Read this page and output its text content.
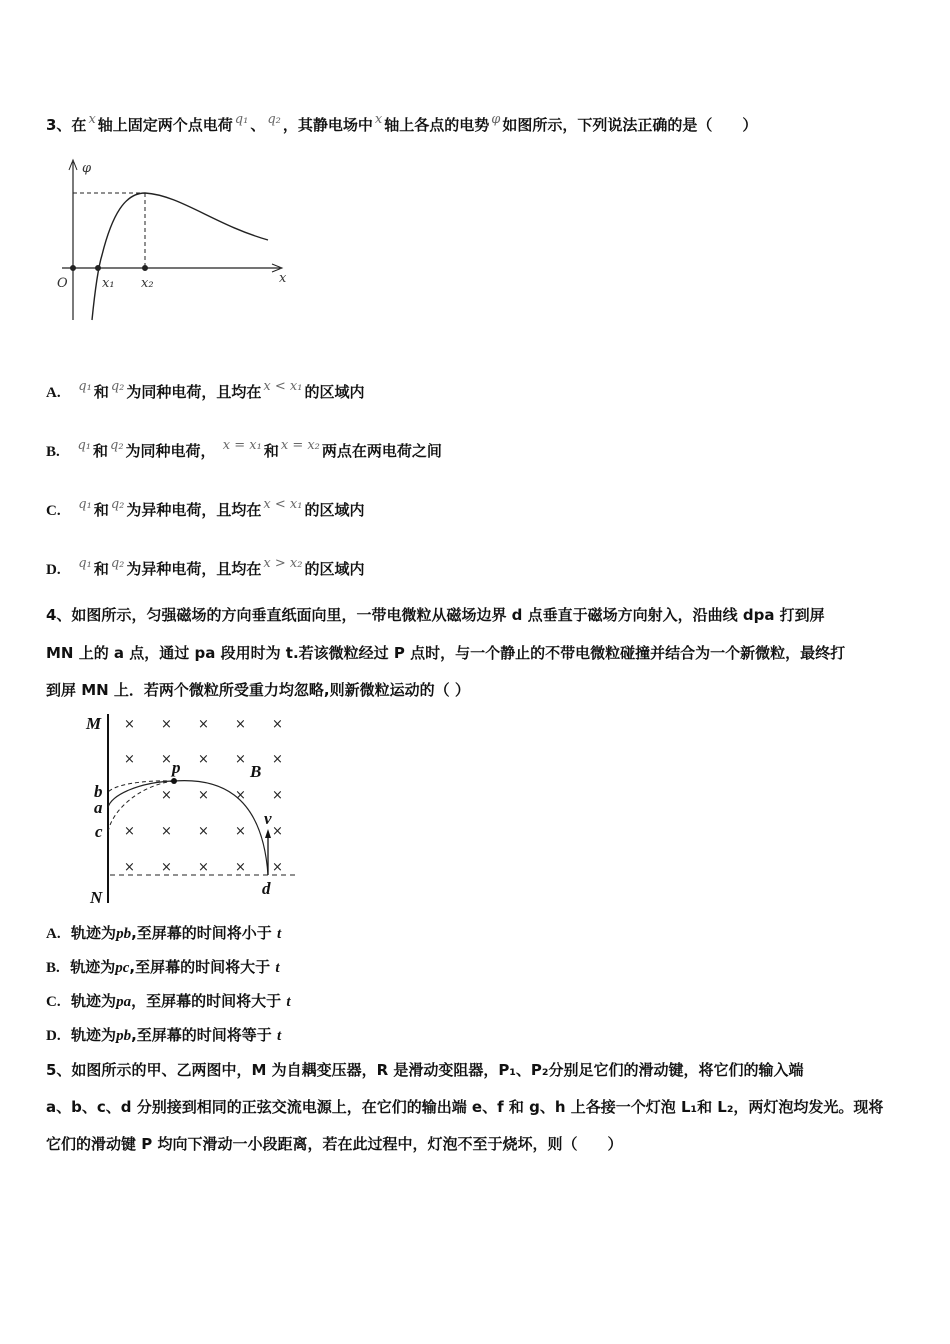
3、在 x 轴上固定两个点电荷 q₁ 、 q₂ ，其静电场中 x 轴上各点的电势 φ 如图所示，下列说法正确的是（　　）
φ
x
O	x₁ x₂
× × × × ×
× × × × ×
× × × ×
× × × × ×
× × × × ×
M
N
b
a
c
p	B
v
d
A. q₁ 和 q₂ 为同种电荷，且均在 x < x₁ 的区域内
B. q₁ 和 q₂ 为同种电荷， x = x₁ 和 x = x₂ 两点在两电荷之间
C. q₁ 和 q₂ 为异种电荷，且均在 x < x₁ 的区域内
D. q₁ 和 q₂ 为异种电荷，且均在 x > x₂ 的区域内
4、如图所示，匀强磁场的方向垂直纸面向里，一带电微粒从磁场边界 d 点垂直于磁场方向射入，沿曲线 dpa 打到屏
MN 上的 a 点，通过 pa 段用时为 t.若该微粒经过 P 点时，与一个静止的不带电微粒碰撞并结合为一个新微粒，最终打
到屏 MN 上．若两个微粒所受重力均忽略,则新微粒运动的（ ）
A. 轨迹为pb,至屏幕的时间将小于 t
B. 轨迹为pc,至屏幕的时间将大于 t
C. 轨迹为pa，至屏幕的时间将大于 t
D. 轨迹为pb,至屏幕的时间将等于 t
5、如图所示的甲、乙两图中，M 为自耦变压器，R 是滑动变阻器，P₁、P₂分别足它们的滑动键，将它们的输入端
a、b、c、d 分别接到相同的正弦交流电源上，在它们的输出端 e、f 和 g、h 上各接一个灯泡 L₁和 L₂，两灯泡均发光。现将
它们的滑动键 P 均向下滑动一小段距离，若在此过程中，灯泡不至于烧坏，则（　　）
